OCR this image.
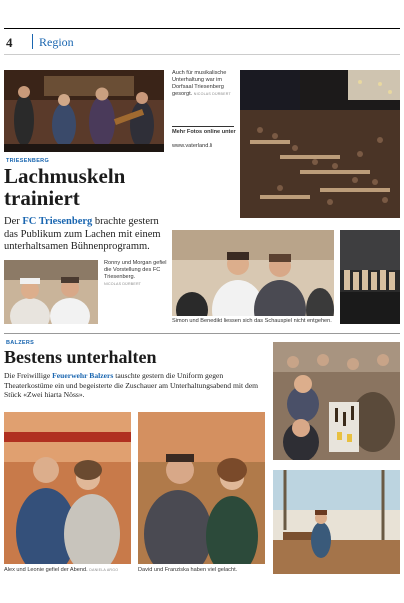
4 Region
Auch für musikalische Unterhaltung war im Dorfsaal Triesenberg gesorgt. NICOLAS DÜRBERT
Mehr Fotos online unter
www.vaterland.li
TRIESENBERG
Lachmuskeln
trainiert
Der FC Triesenberg brachte gestern das Publikum zum Lachen mit einem unterhaltsamen Bühnenprogramm.
Ronny und Morgan gefiel die Vorstellung des FC Triesenberg.
NICOLAS DÜRBERT
Simon und Benedikt liessen sich das Schauspiel nicht entgehen.
BALZERS
Bestens unterhalten
Die Freiwillige Feuerwehr Balzers tauschte gestern die Uniform gegen Theaterkostüme ein und begeisterte die Zuschauer am Unterhaltungsabend mit dem Stück «Zwei hiarta Nöss».
Alex und Leonie gefiel der Abend. DANIELA ARGO	David und Franziska haben viel gelacht.
